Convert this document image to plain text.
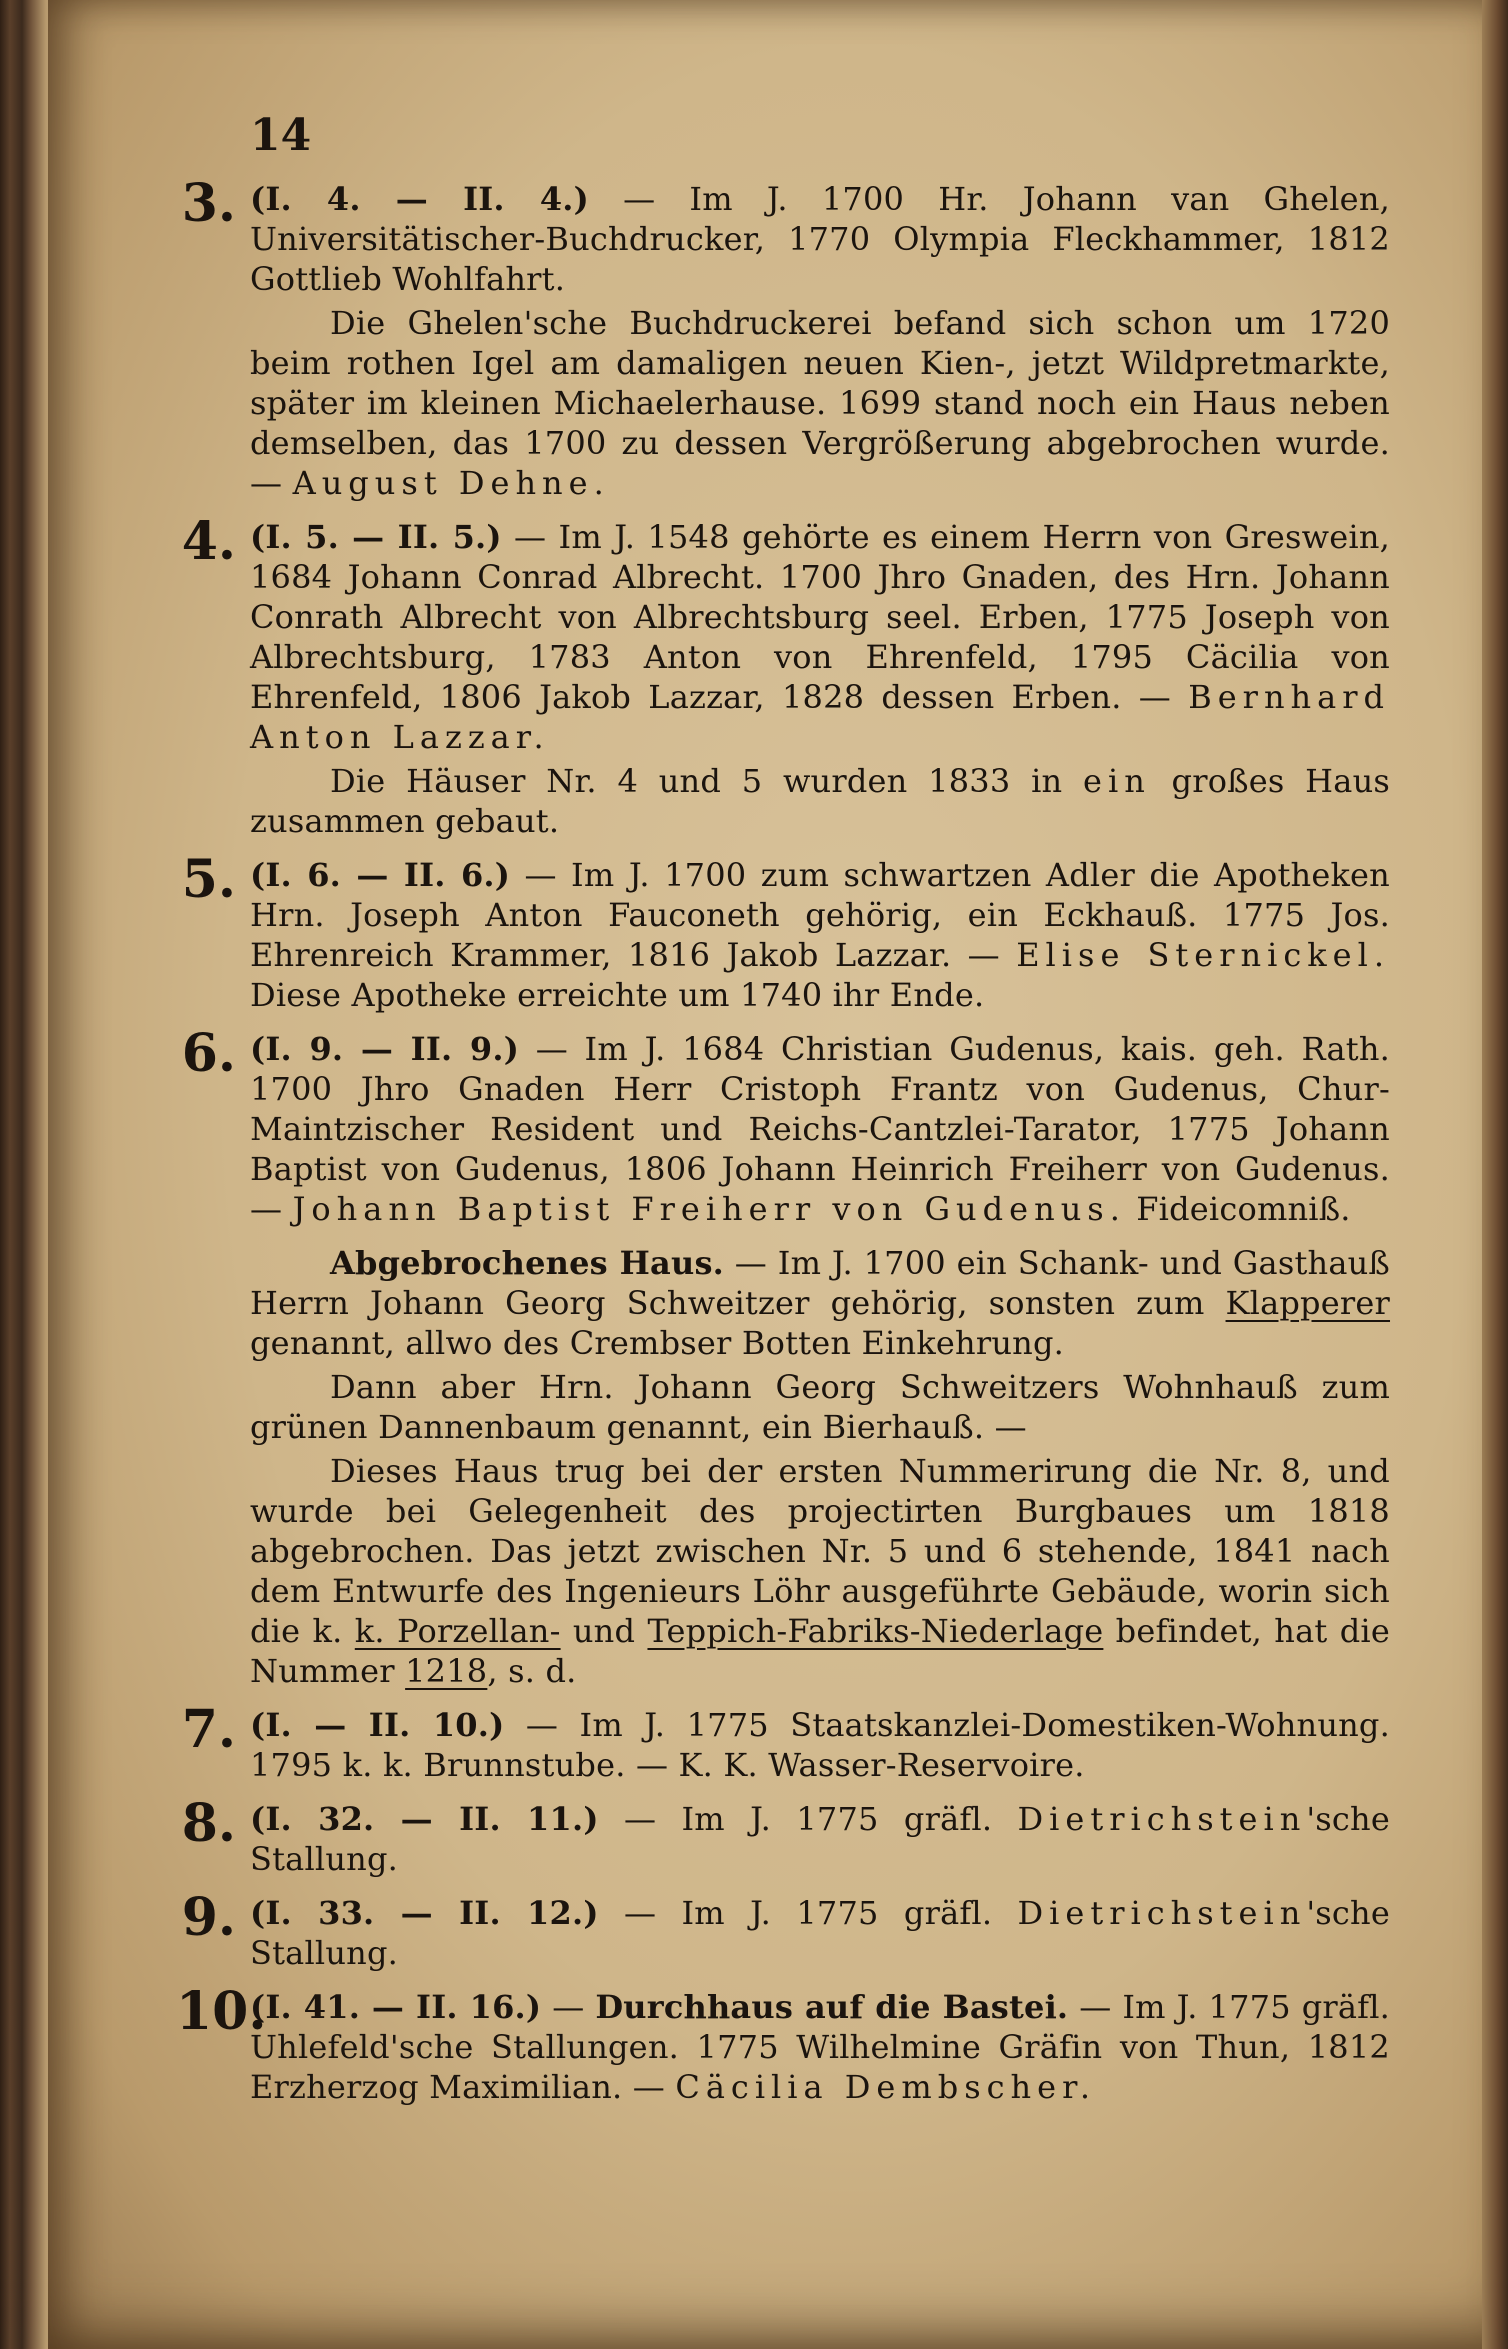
14
3. (I. 4. — II. 4.) — Im J. 1700 Hr. Johann van Ghelen, Universitätischer-Buchdrucker, 1770 Olympia Fleckhammer, 1812 Gottlieb Wohlfahrt.

Die Ghelen'sche Buchdruckerei befand sich schon um 1720 beim rothen Igel am damaligen neuen Kien-, jetzt Wildpretmarkte, später im kleinen Michaelerhause. 1699 stand noch ein Haus neben demselben, das 1700 zu dessen Vergrößerung abgebrochen wurde. — August Dehne.

4. (I. 5. — II. 5.) — Im J. 1548 gehörte es einem Herrn von Greswein, 1684 Johann Conrad Albrecht. 1700 Jhro Gnaden, des Hrn. Johann Conrath Albrecht von Albrechtsburg seel. Erben, 1775 Joseph von Albrechtsburg, 1783 Anton von Ehrenfeld, 1795 Cäcilia von Ehrenfeld, 1806 Jakob Lazzar, 1828 dessen Erben. — Bernhard Anton Lazzar.

Die Häuser Nr. 4 und 5 wurden 1833 in ein großes Haus zusammen gebaut.

5. (I. 6. — II. 6.) — Im J. 1700 zum schwartzen Adler die Apotheken Hrn. Joseph Anton Fauconeth gehörig, ein Eckhauß. 1775 Jos. Ehrenreich Krammer, 1816 Jakob Lazzar. — Elise Sternickel. Diese Apotheke erreichte um 1740 ihr Ende.

6. (I. 9. — II. 9.) — Im J. 1684 Christian Gudenus, kais. geh. Rath. 1700 Jhro Gnaden Herr Cristoph Frantz von Gudenus, Chur-Maintzischer Resident und Reichs-Cantzlei-Tarator, 1775 Johann Baptist von Gudenus, 1806 Johann Heinrich Freiherr von Gudenus. — Johann Baptist Freiherr von Gudenus. Fideicomniß.

Abgebrochenes Haus. — Im J. 1700 ein Schank- und Gasthauß Herrn Johann Georg Schweitzer gehörig, sonsten zum Klapperer genannt, allwo des Crembser Botten Einkehrung.

Dann aber Hrn. Johann Georg Schweitzers Wohnhauß zum grünen Dannenbaum genannt, ein Bierhauß. —

Dieses Haus trug bei der ersten Nummerirung die Nr. 8, und wurde bei Gelegenheit des projectirten Burgbaues um 1818 abgebrochen. Das jetzt zwischen Nr. 5 und 6 stehende, 1841 nach dem Entwurfe des Ingenieurs Löhr ausgeführte Gebäude, worin sich die k. k. Porzellan- und Teppich-Fabriks-Niederlage befindet, hat die Nummer 1218, s. d.

7. (I. — II. 10.) — Im J. 1775 Staatskanzlei-Domestiken-Wohnung. 1795 k. k. Brunnstube. — K. K. Wasser-Reservoire.

8. (I. 32. — II. 11.) — Im J. 1775 gräfl. Dietrichstein'sche Stallung.

9. (I. 33. — II. 12.) — Im J. 1775 gräfl. Dietrichstein'sche Stallung.

10.

(I. 41. — II. 16.) — Durchhaus auf die Bastei. — Im J. 1775 gräfl. Uhlefeld'sche Stallungen. 1775 Wilhelmine Gräfin von Thun, 1812 Erzherzog Maximilian. — Cäcilia Dembscher.
